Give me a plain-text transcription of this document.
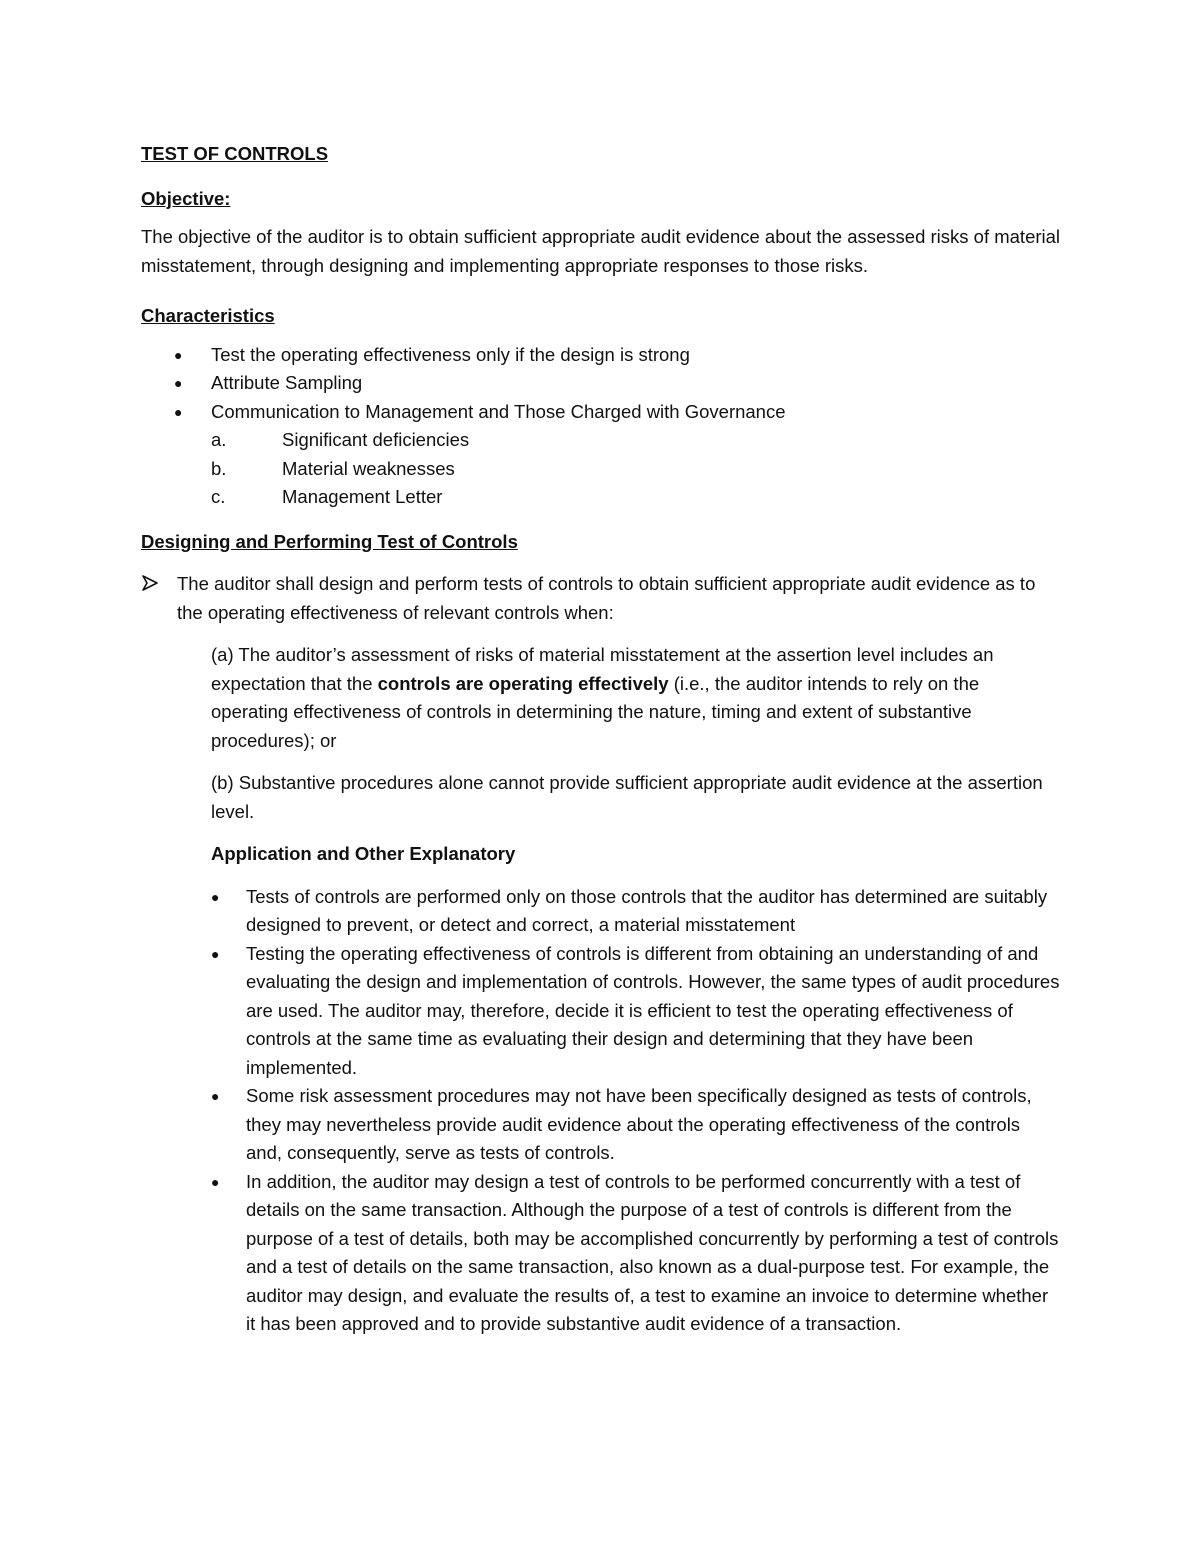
TEST OF CONTROLS
Objective:

The objective of the auditor is to obtain sufficient appropriate audit evidence about the assessed risks of material misstatement, through designing and implementing appropriate responses to those risks.

Characteristics
● Test the operating effectiveness only if the design is strong
● Attribute Sampling
● Communication to Management and Those Charged with Governance
a.	Significant deficiencies
b.	Material weaknesses
c.	Management Letter
Designing and Performing Test of Controls
The auditor shall design and perform tests of controls to obtain sufficient appropriate audit evidence as to the operating effectiveness of relevant controls when:

(a) The auditor’s assessment of risks of material misstatement at the assertion level includes an expectation that the controls are operating effectively (i.e., the auditor intends to rely on the operating effectiveness of controls in determining the nature, timing and extent of substantive procedures); or

(b) Substantive procedures alone cannot provide sufficient appropriate audit evidence at the assertion level.

Application and Other Explanatory
● Tests of controls are performed only on those controls that the auditor has determined are suitably designed to prevent, or detect and correct, a material misstatement
● Testing the operating effectiveness of controls is different from obtaining an understanding of and evaluating the design and implementation of controls. However, the same types of audit procedures are used. The auditor may, therefore, decide it is efficient to test the operating effectiveness of controls at the same time as evaluating their design and determining that they have been implemented.
● Some risk assessment procedures may not have been specifically designed as tests of controls, they may nevertheless provide audit evidence about the operating effectiveness of the controls and, consequently, serve as tests of controls.
● In addition, the auditor may design a test of controls to be performed concurrently with a test of details on the same transaction. Although the purpose of a test of controls is different from the purpose of a test of details, both may be accomplished concurrently by performing a test of controls and a test of details on the same transaction, also known as a dual-purpose test. For example, the auditor may design, and evaluate the results of, a test to examine an invoice to determine whether it has been approved and to provide substantive audit evidence of a transaction.
